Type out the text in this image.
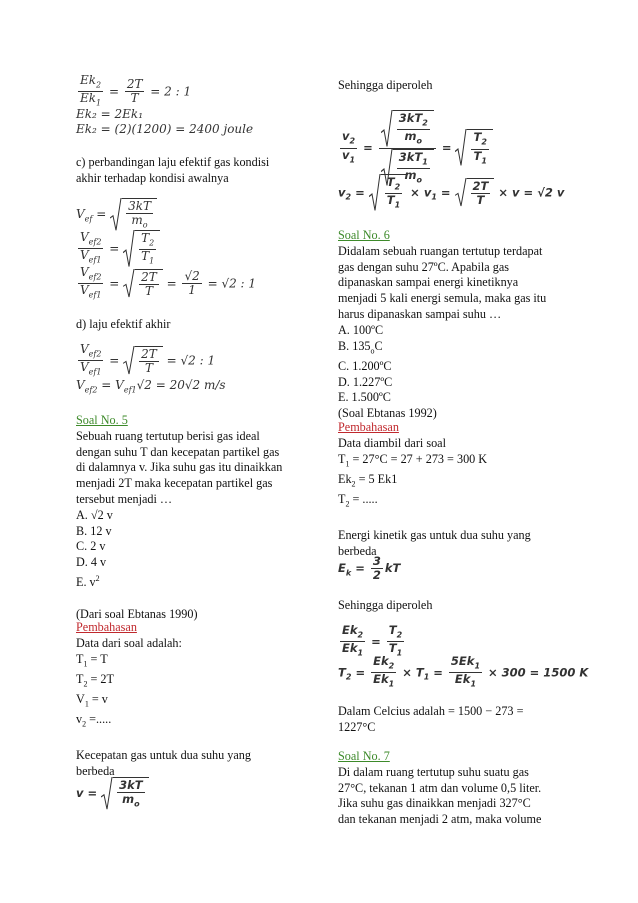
$\frac{Ek_2}{Ek_1} = \frac{2T}{T} = 2$ : 1
Ek₂ = 2Ek₁
Ek₂ = (2)(1200) = 2400 joule
c) perbandingan laju efektif gas kondisi
akhir terhadap kondisi awalnya
$V_{ef} = \frac{3kT}{m_o}$
$\frac{V_{ef2}}{V_{ef1}} = \frac{T_2}{T_1}$
$\frac{V_{ef2}}{V_{ef1}} = \frac{2T}{T} = \frac{√2}{1} = √2$ : 1
d) laju efektif akhir
$\frac{V_{ef2}}{V_{ef1}} = \frac{2T}{T} = √2$ : 1
$V_{ef2} = V_{ef1}√2 = 20√2$ m/s
Soal No. 5
Sebuah ruang tertutup berisi gas ideal
dengan suhu T dan kecepatan partikel gas
di dalamnya v. Jika suhu gas itu dinaikkan
menjadi 2T maka kecepatan partikel gas
tersebut menjadi …
A. √2 v
B. 12 v
C. 2 v
D. 4 v
E. $v^2$
(Dari soal Ebtanas 1990)
Pembahasan
Data dari soal adalah:
$T_1 = T$
$T_2 = 2T$
$V_1 = v$
$v_2$ =.....
Kecepatan gas untuk dua suhu yang
berbeda
$v = \frac{3kT}{m_o}$
Sehingga diperoleh
$\frac{v_2}{v_1} = \frac{\frac{3kT_2}{m_o}}{\frac{3kT_1}{m_o}} = \frac{T_2}{T_1}$
$v_2 = \frac{T_2}{T_1} \times v_1 = \frac{2T}{T} \times v = √2$ v
Soal No. 6
Didalam sebuah ruangan tertutup terdapat
gas dengan suhu 27ºC. Apabila gas
dipanaskan sampai energi kinetiknya
menjadi 5 kali energi semula, maka gas itu
harus dipanaskan sampai suhu …
A. 100ºC
B. $135_oC$
C. 1.200ºC
D. 1.227ºC
E. 1.500ºC
(Soal Ebtanas 1992)
Pembahasan
Data diambil dari soal
$T_1 = 27^\circ C = 27 + 273 = 300$ K
$Ek_2 = 5$ Ek1
$T_2$ = .....
Energi kinetik gas untuk dua suhu yang
berbeda
$E_k = \frac{3}{2}$ kT
Sehingga diperoleh
$\frac{Ek_2}{Ek_1} = \frac{T_2}{T_1}$
$T_2 = \frac{Ek_2}{Ek_1} \times T_1 = \frac{5Ek_1}{Ek_1} \times 300 = 1500$ K
Dalam Celcius adalah = 1500 − 273 =
1227°C
Soal No. 7
Di dalam ruang tertutup suhu suatu gas
27°C, tekanan 1 atm dan volume 0,5 liter.
Jika suhu gas dinaikkan menjadi 327°C
dan tekanan menjadi 2 atm, maka volume
